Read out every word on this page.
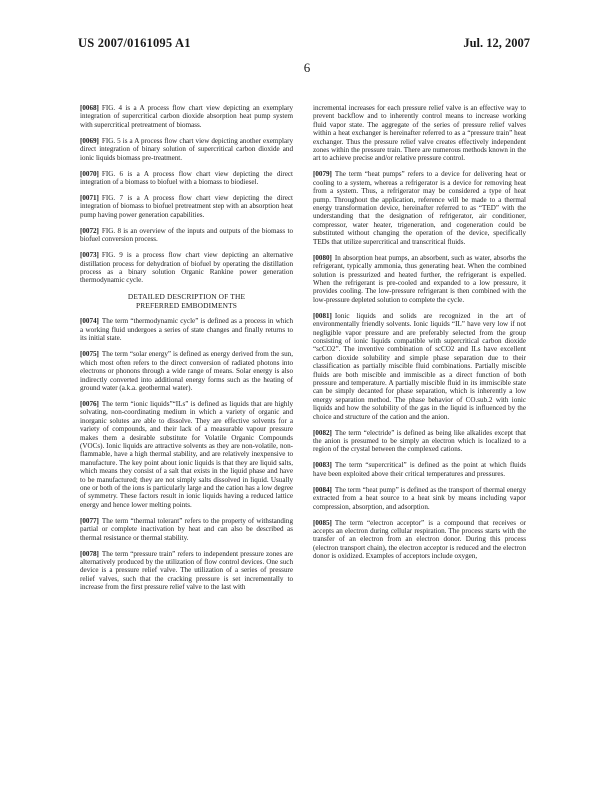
US 2007/0161095 A1	Jul. 12, 2007
6

[0068] FIG. 4 is a A process flow chart view depicting an exemplary integration of supercritical carbon dioxide absorption heat pump system with supercritical pretreatment of biomass.

[0069] FIG. 5 is a A process flow chart view depicting another exemplary direct integration of binary solution of supercritical carbon dioxide and ionic liquids biomass pre-treatment.

[0070] FIG. 6 is a A process flow chart view depicting the direct integration of a biomass to biofuel with a biomass to biodiesel.

[0071] FIG. 7 is a A process flow chart view depicting the direct integration of biomass to biofuel pretreatment step with an absorption heat pump having power generation capabilities.

[0072] FIG. 8 is an overview of the inputs and outputs of the biomass to biofuel conversion process.

[0073] FIG. 9 is a process flow chart view depicting an alternative distillation process for dehydration of biofuel by operating the distillation process as a binary solution Organic Rankine power generation thermodynamic cycle.

DETAILED DESCRIPTION OF THE
PREFERRED EMBODIMENTS

[0074] The term “thermodynamic cycle” is defined as a process in which a working fluid undergoes a series of state changes and finally returns to its initial state.

[0075] The term “solar energy” is defined as energy derived from the sun, which most often refers to the direct conversion of radiated photons into electrons or phonons through a wide range of means. Solar energy is also indirectly converted into additional energy forms such as the heating of ground water (a.k.a. geothermal water).

[0076] The term “ionic liquids”“ILs” is defined as liquids that are highly solvating, non-coordinating medium in which a variety of organic and inorganic solutes are able to dissolve. They are effective solvents for a variety of compounds, and their lack of a measurable vapour pressure makes them a desirable substitute for Volatile Organic Compounds (VOCs). Ionic liquids are attractive solvents as they are non-volatile, non-flammable, have a high thermal stability, and are relatively inexpensive to manufacture. The key point about ionic liquids is that they are liquid salts, which means they consist of a salt that exists in the liquid phase and have to be manufactured; they are not simply salts dissolved in liquid. Usually one or both of the ions is particularly large and the cation has a low degree of symmetry. These factors result in ionic liquids having a reduced lattice energy and hence lower melting points.

[0077] The term “thermal tolerant” refers to the property of withstanding partial or complete inactivation by heat and can also be described as thermal resistance or thermal stability.

[0078] The term “pressure train” refers to independent pressure zones are alternatively produced by the utilization of flow control devices. One such device is a pressure relief valve. The utilization of a series of pressure relief valves, such that the cracking pressure is set incrementally to increase from the first pressure relief valve to the last with

incremental increases for each pressure relief valve is an effective way to prevent backflow and to inherently control means to increase working fluid vapor state. The aggregate of the series of pressure relief valves within a heat exchanger is hereinafter referred to as a “pressure train” heat exchanger. Thus the pressure relief valve creates effectively independent zones within the pressure train. There are numerous methods known in the art to achieve precise and/or relative pressure control.

[0079] The term “heat pumps” refers to a device for delivering heat or cooling to a system, whereas a refrigerator is a device for removing heat from a system. Thus, a refrigerator may be considered a type of heat pump. Throughout the application, reference will be made to a thermal energy transformation device, hereinafter referred to as “TED” with the understanding that the designation of refrigerator, air conditioner, compressor, water heater, trigeneration, and cogeneration could be substituted without changing the operation of the device, specifically TEDs that utilize supercritical and transcritical fluids.

[0080] In absorption heat pumps, an absorbent, such as water, absorbs the refrigerant, typically ammonia, thus generating heat. When the combined solution is pressurized and heated further, the refrigerant is expelled. When the refrigerant is pre-cooled and expanded to a low pressure, it provides cooling. The low-pressure refrigerant is then combined with the low-pressure depleted solution to complete the cycle.

[0081] Ionic liquids and solids are recognized in the art of environmentally friendly solvents. Ionic liquids “IL” have very low if not negligible vapor pressure and are preferably selected from the group consisting of ionic liquids compatible with supercritical carbon dioxide “scCO2”. The inventive combination of scCO2 and ILs have excellent carbon dioxide solubility and simple phase separation due to their classification as partially miscible fluid combinations. Partially miscible fluids are both miscible and immiscible as a direct function of both pressure and temperature. A partially miscible fluid in its immiscible state can be simply decanted for phase separation, which is inherently a low energy separation method. The phase behavior of CO.sub.2 with ionic liquids and how the solubility of the gas in the liquid is influenced by the choice and structure of the cation and the anion.

[0082] The term “electride” is defined as being like alkalides except that the anion is presumed to be simply an electron which is localized to a region of the crystal between the complexed cations.

[0083] The term “supercritical” is defined as the point at which fluids have been exploited above their critical temperatures and pressures.

[0084] The term “heat pump” is defined as the transport of thermal energy extracted from a heat source to a heat sink by means including vapor compression, absorption, and adsorption.

[0085] The term “electron acceptor” is a compound that receives or accepts an electron during cellular respiration. The process starts with the transfer of an electron from an electron donor. During this process (electron transport chain), the electron acceptor is reduced and the electron donor is oxidized. Examples of acceptors include oxygen,
